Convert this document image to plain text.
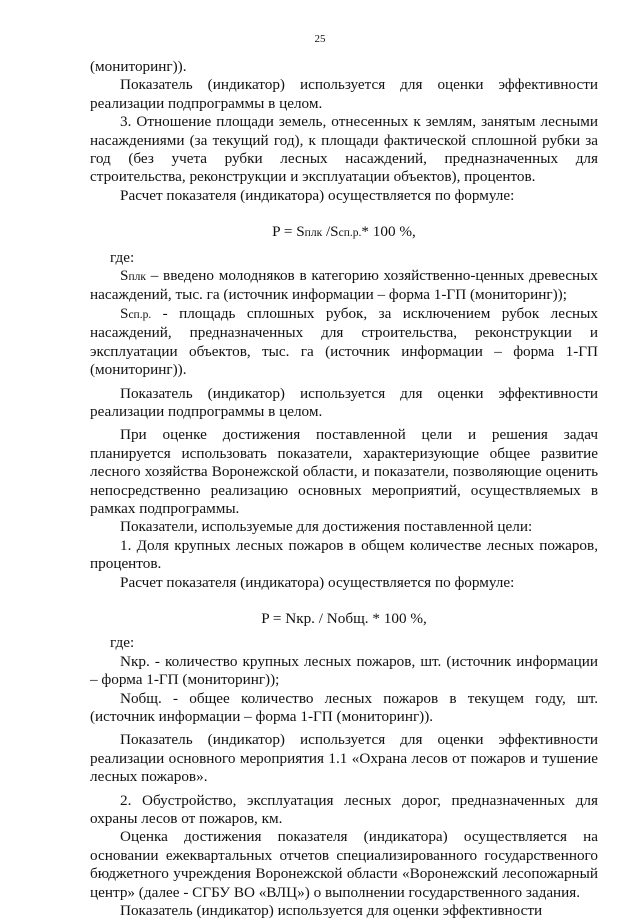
25

(мониторинг)).

Показатель (индикатор) используется для оценки эффективности реализации подпрограммы в целом.

3. Отношение площади земель, отнесенных к землям, занятым лесными насаждениями (за текущий год), к площади фактической сплошной рубки за год (без учета рубки лесных насаждений, предназначенных для строительства, реконструкции и эксплуатации объектов), процентов.

Расчет показателя (индикатора) осуществляется по формуле:

P = Sплк /Sсп.р.* 100 %,

где:

Sплк – введено молодняков в категорию хозяйственно-ценных древесных насаждений, тыс. га (источник информации – форма 1-ГП (мониторинг));

Sсп.р. - площадь сплошных рубок, за исключением рубок лесных насаждений, предназначенных для строительства, реконструкции и эксплуатации объектов, тыс. га (источник информации – форма 1-ГП (мониторинг)).

Показатель (индикатор) используется для оценки эффективности реализации подпрограммы в целом.

При оценке достижения поставленной цели и решения задач планируется использовать показатели, характеризующие общее развитие лесного хозяйства Воронежской области, и показатели, позволяющие оценить непосредственно реализацию основных мероприятий, осуществляемых в рамках подпрограммы.

Показатели, используемые для достижения поставленной цели:

1. Доля крупных лесных пожаров в общем количестве лесных пожаров, процентов.

Расчет показателя (индикатора) осуществляется по формуле:

P = Nкр. / Nобщ. * 100 %,

где:

Nкр. - количество крупных лесных пожаров, шт. (источник информации – форма 1-ГП (мониторинг));

Nобщ. - общее количество лесных пожаров в текущем году, шт. (источник информации – форма 1-ГП (мониторинг)).

Показатель (индикатор) используется для оценки эффективности реализации основного мероприятия 1.1 «Охрана лесов от пожаров и тушение лесных пожаров».

2. Обустройство, эксплуатация лесных дорог, предназначенных для охраны лесов от пожаров, км.

Оценка достижения показателя (индикатора) осуществляется на основании ежеквартальных отчетов специализированного государственного бюджетного учреждения Воронежской области «Воронежский лесопожарный центр» (далее - СГБУ ВО «ВЛЦ») о выполнении государственного задания.

Показатель (индикатор) используется для оценки эффективности
